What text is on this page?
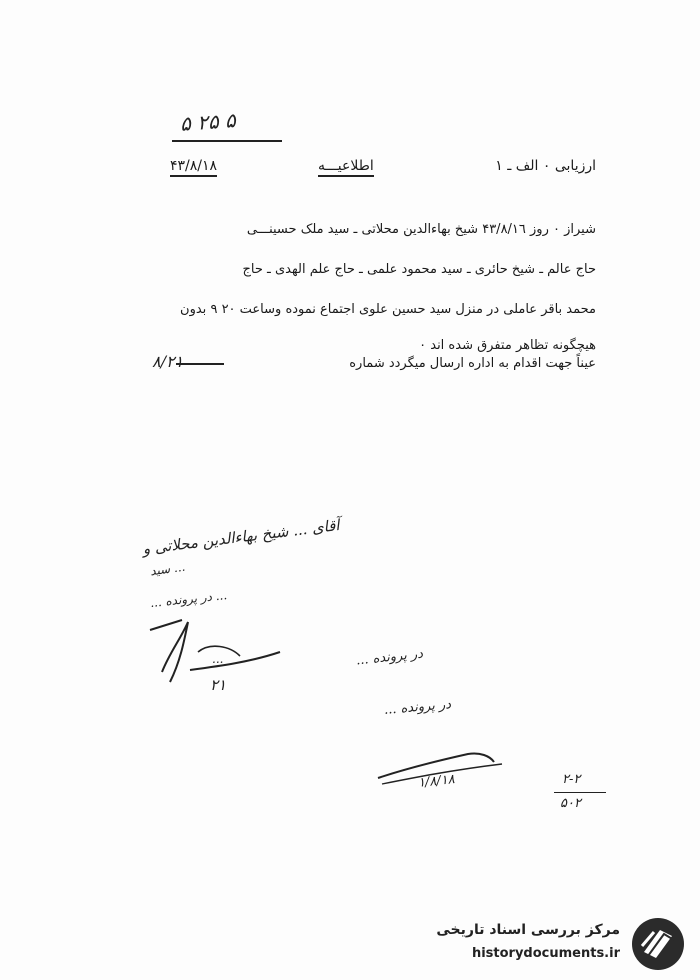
۵ ۲۵ ۵
ارزیابی ۰ الف ـ ۱
اطلاعیـــه
۴۳/۸/۱۸
شیراز ۰ روز ۴۳/۸/۱٦ شیخ بهاءالدین محلاتی ـ سید ملک حسینـــی
حاج عالم ـ شیخ حائری ـ سید محمود علمی ـ حاج علم الهدی ـ حاج
محمد باقر عاملی در منزل سید حسین علوی اجتماع نموده وساعت ۲۰ ۹ بدون
هیچگونه تظاهر متفرق شده اند ۰
عیناً جهت اقدام به اداره ارسال میگردد شماره
۸/۲۱
آقای ... شیخ بهاءالدین محلاتی و
... سید
... در پرونده ...
...
۲۱
در پرونده ...
در پرونده ...
۱/۸/۱۸	۲-۲
۵۰۲
مرکز بررسی اسناد تاریخی
historydocuments.ir
